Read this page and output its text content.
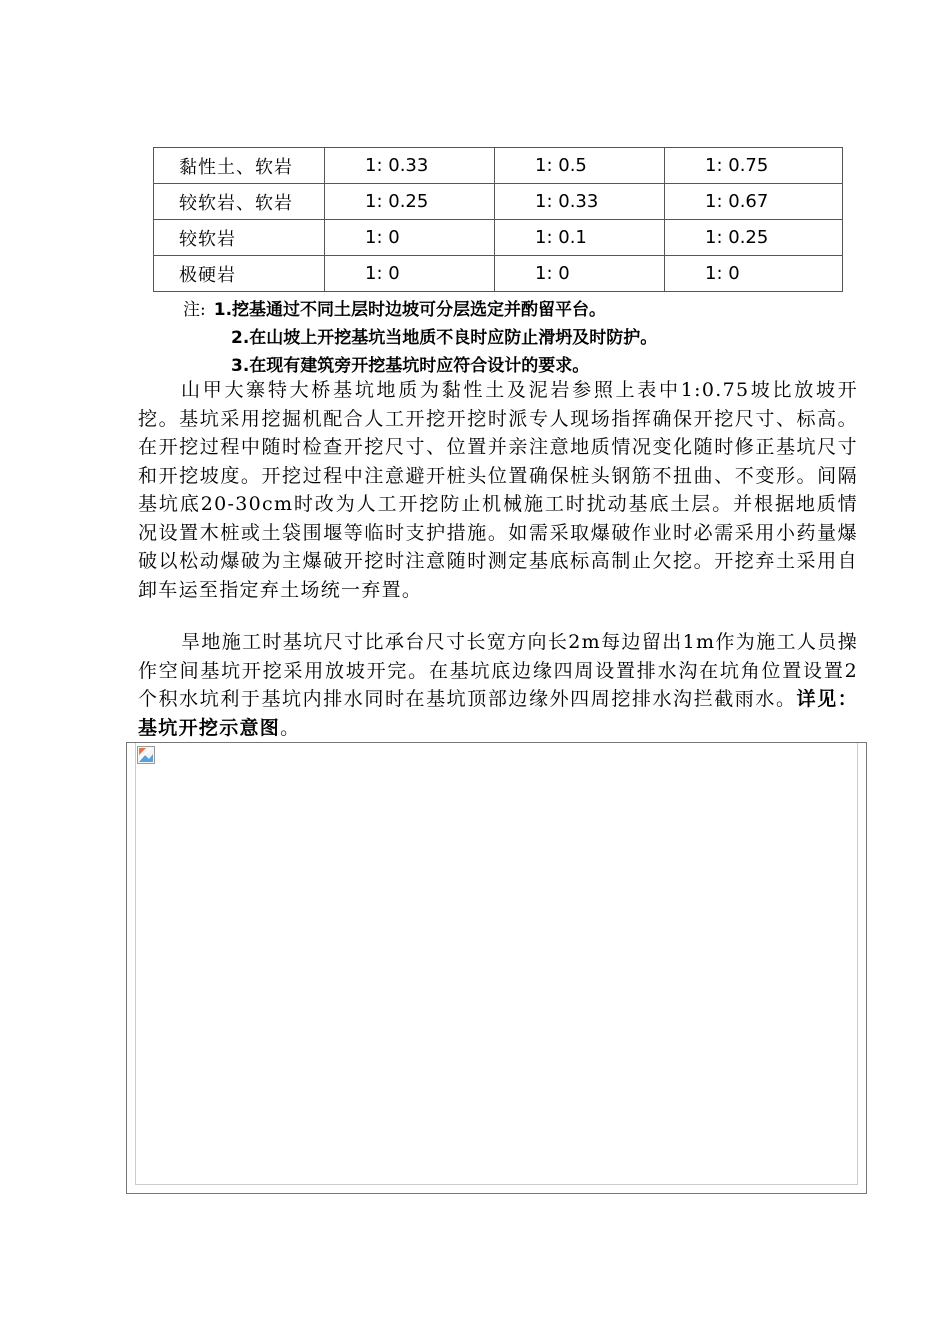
黏性土、软岩	1: 0.33	1: 0.5	1: 0.75
较软岩、软岩	1: 0.25	1: 0.33	1: 0.67
较软岩	1: 0	1: 0.1	1: 0.25
极硬岩	1: 0	1: 0	1: 0
注: 1.挖基通过不同土层时边坡可分层选定并酌留平台。
2.在山坡上开挖基坑当地质不良时应防止滑坍及时防护。
3.在现有建筑旁开挖基坑时应符合设计的要求。

山甲大寨特大桥基坑地质为黏性土及泥岩参照上表中1:0.75坡比放坡开挖。基坑采用挖掘机配合人工开挖开挖时派专人现场指挥确保开挖尺寸、标高。在开挖过程中随时检查开挖尺寸、位置并亲注意地质情况变化随时修正基坑尺寸和开挖坡度。开挖过程中注意避开桩头位置确保桩头钢筋不扭曲、不变形。间隔 基坑底20-30cm时改为人工开挖防止机械施工时扰动基底土层。并根据地质情况设置木桩或土袋围堰等临时支护措施。如需采取爆破作业时必需采用小药量爆破以松动爆破为主爆破开挖时注意随时测定基底标高制止欠挖。开挖弃土采用自卸车运至指定弃土场统一弃置。

旱地施工时基坑尺寸比承台尺寸长宽方向长2m每边留出1m作为施工人员操作空间基坑开挖采用放坡开完。在基坑底边缘四周设置排水沟在坑角位置设置2个积水坑利于基坑内排水同时在基坑顶部边缘外四周挖排水沟拦截雨水。详见：基坑开挖示意图。
